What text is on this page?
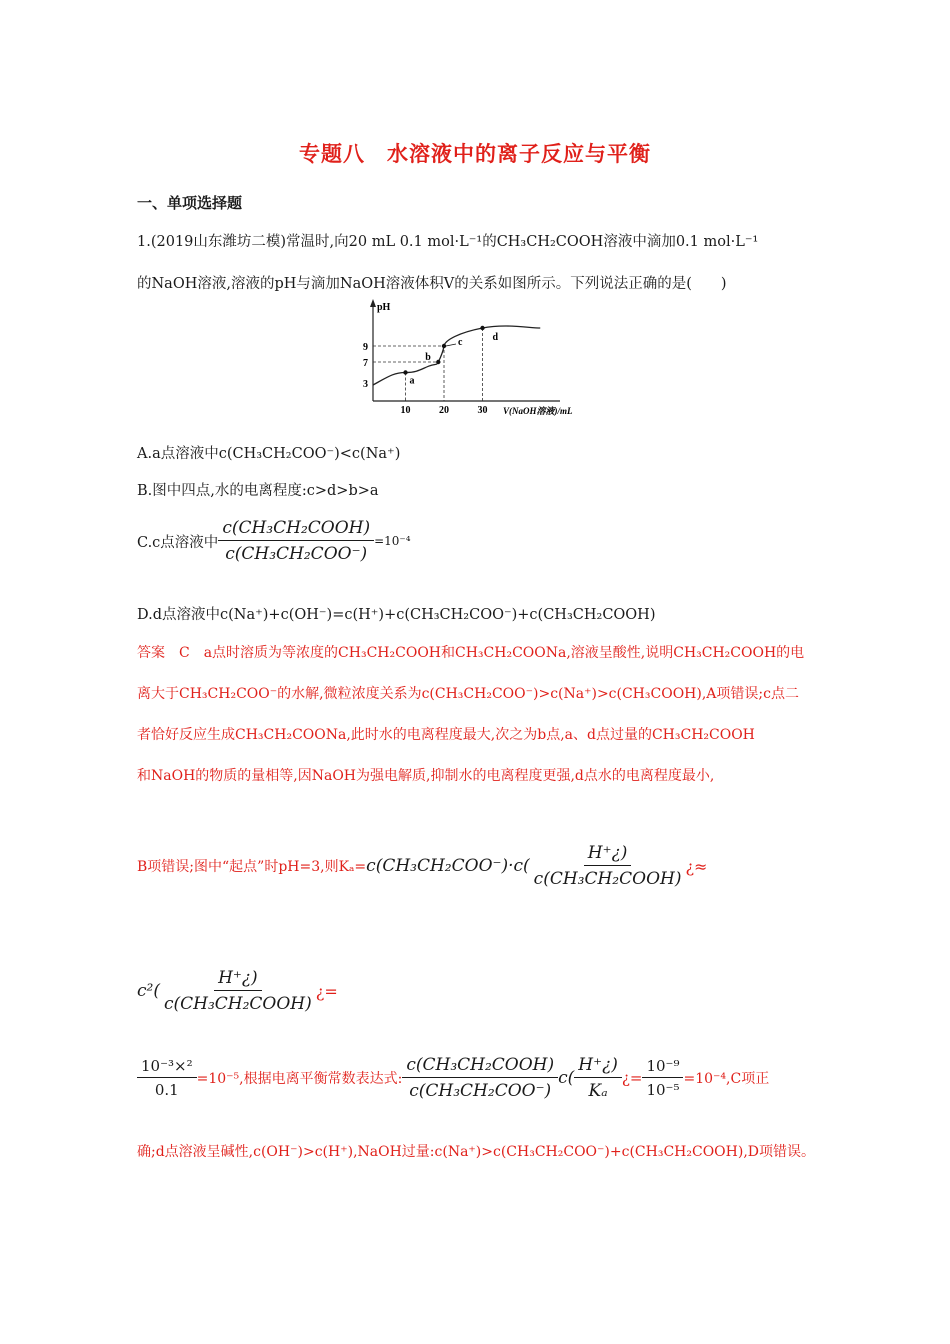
专题八　水溶液中的离子反应与平衡
一、单项选择题
1.(2019山东潍坊二模)常温时,向20 mL 0.1 mol·L⁻¹的CH₃CH₂COOH溶液中滴加0.1 mol·L⁻¹
的NaOH溶液,溶液的pH与滴加NaOH溶液体积V的关系如图所示。下列说法正确的是(　　)
pH
V(NaOH溶液)/mL
10	20	30
3
7
9
a
b
c	d
A.a点溶液中c(CH₃CH₂COO⁻)<c(Na⁺)
B.图中四点,水的电离程度:c>d>b>a
C.c点溶液中 $\frac{\text{c(CH₃CH₂COOH)}}{\text{c(CH₃CH₂COO⁻)}} =10^{-4}$
D.d点溶液中c(Na⁺)+c(OH⁻)=c(H⁺)+c(CH₃CH₂COO⁻)+c(CH₃CH₂COOH)
答案　C　a点时溶质为等浓度的CH₃CH₂COOH和CH₃CH₂COONa,溶液呈酸性,说明CH₃CH₂COOH的电
离大于CH₃CH₂COO⁻的水解,微粒浓度关系为c(CH₃CH₂COO⁻)>c(Na⁺)>c(CH₃COOH),A项错误;c点二
者恰好反应生成CH₃CH₂COONa,此时水的电离程度最大,次之为b点,a、d点过量的CH₃CH₂COOH
和NaOH的物质的量相等,因NaOH为强电解质,抑制水的电离程度更强,d点水的电离程度最小,
B项错误;图中“起点”时pH=3,则$K_a= c(CH_3CH_2COO^-)\cdot c( \frac{H^+¿)}{\text{c(CH₃CH₂COOH)}}$ ¿≈
$c^2( \frac{H^+¿)}{\text{c(CH₃CH₂COOH)}}$ ¿=
$\frac{\text{10⁻³×²}}{0.1} =10^{-5}$,根据电离平衡常数表达式: $\frac{\text{c(CH₃CH₂COOH)}}{\text{c(CH₃CH₂COO⁻)}} c( \frac{H^+¿)}{\text{Kₐ}}$ ¿= $\frac{\text{10⁻⁹}}{\text{10⁻⁵}} =10^{-4},C$项正
确;d点溶液呈碱性,c(OH⁻)>c(H⁺),NaOH过量:c(Na⁺)>c(CH₃CH₂COO⁻)+c(CH₃CH₂COOH),D项错误。
